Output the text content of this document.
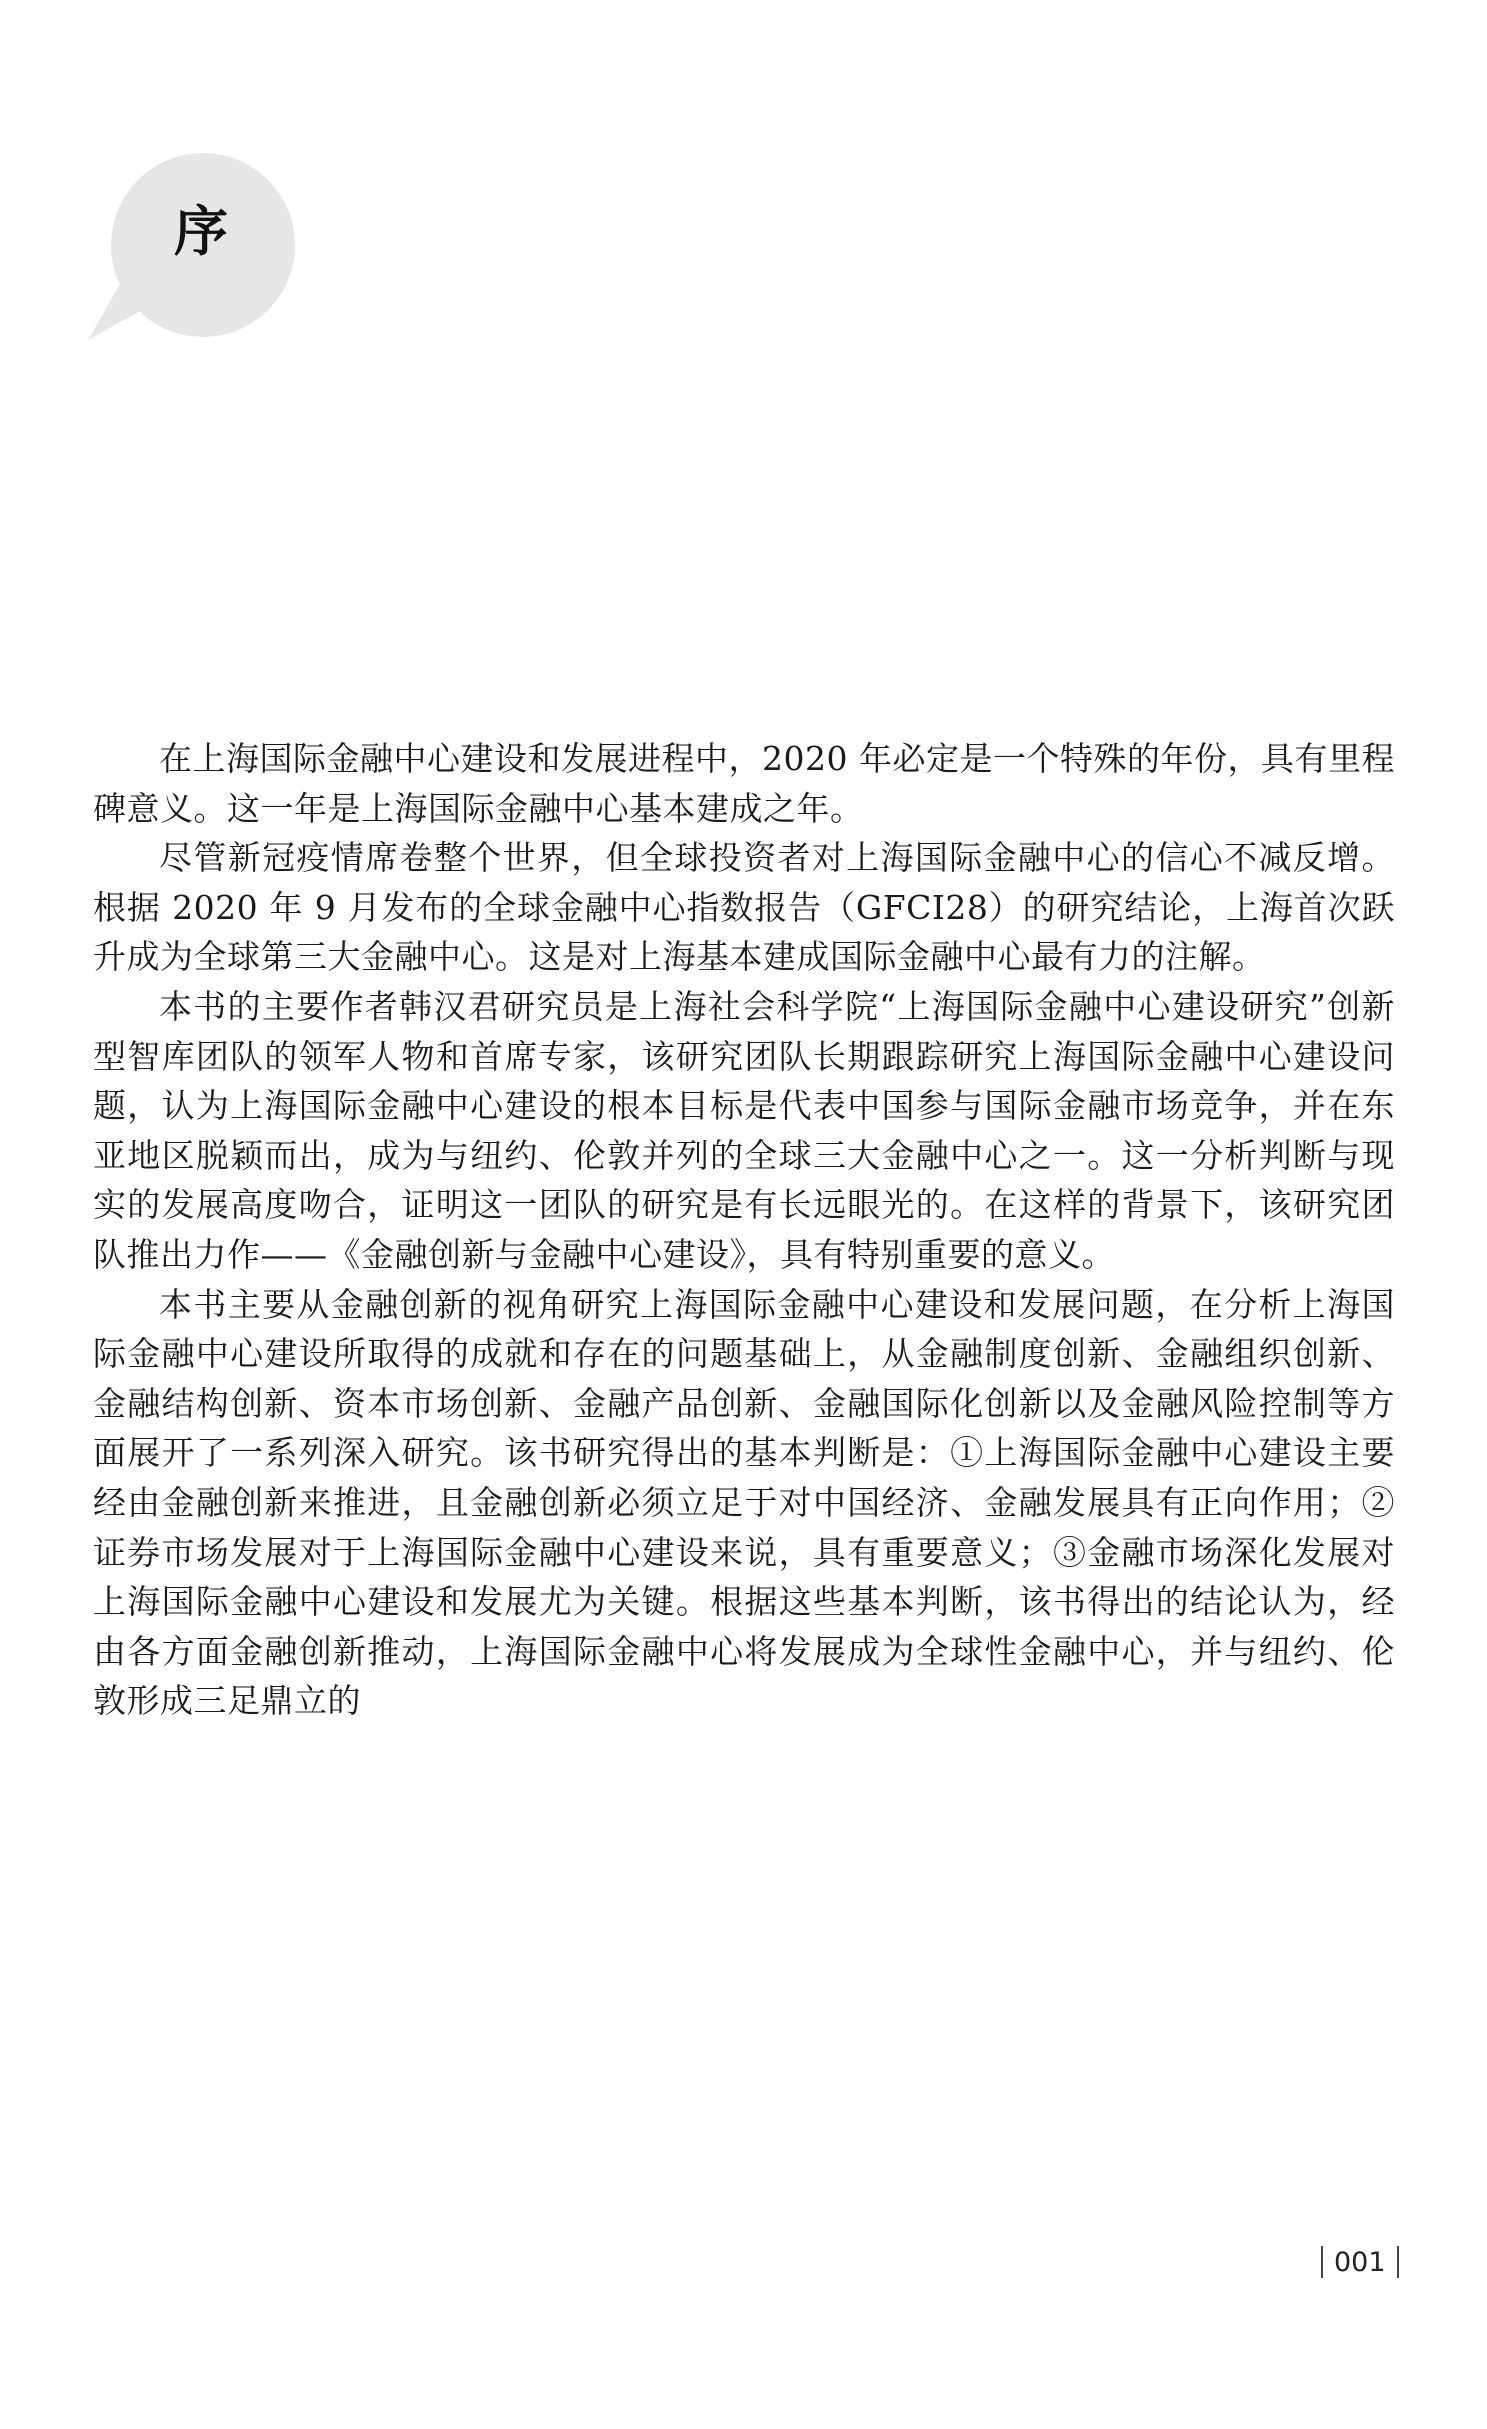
序

在上海国际金融中心建设和发展进程中，2020 年必定是一个特殊的年份，具有里程碑意义。这一年是上海国际金融中心基本建成之年。

尽管新冠疫情席卷整个世界，但全球投资者对上海国际金融中心的信心不减反增。根据 2020 年 9 月发布的全球金融中心指数报告（GFCI28）的研究结论，上海首次跃升成为全球第三大金融中心。这是对上海基本建成国际金融中心最有力的注解。

本书的主要作者韩汉君研究员是上海社会科学院“上海国际金融中心建设研究”创新型智库团队的领军人物和首席专家，该研究团队长期跟踪研究上海国际金融中心建设问题，认为上海国际金融中心建设的根本目标是代表中国参与国际金融市场竞争，并在东亚地区脱颖而出，成为与纽约、伦敦并列的全球三大金融中心之一。这一分析判断与现实的发展高度吻合，证明这一团队的研究是有长远眼光的。在这样的背景下，该研究团队推出力作——《金融创新与金融中心建设》，具有特别重要的意义。

本书主要从金融创新的视角研究上海国际金融中心建设和发展问题，在分析上海国际金融中心建设所取得的成就和存在的问题基础上，从金融制度创新、金融组织创新、金融结构创新、资本市场创新、金融产品创新、金融国际化创新以及金融风险控制等方面展开了一系列深入研究。该书研究得出的基本判断是：①上海国际金融中心建设主要经由金融创新来推进，且金融创新必须立足于对中国经济、金融发展具有正向作用；②证券市场发展对于上海国际金融中心建设来说，具有重要意义；③金融市场深化发展对上海国际金融中心建设和发展尤为关键。根据这些基本判断，该书得出的结论认为，经由各方面金融创新推动，上海国际金融中心将发展成为全球性金融中心，并与纽约、伦敦形成三足鼎立的

001
